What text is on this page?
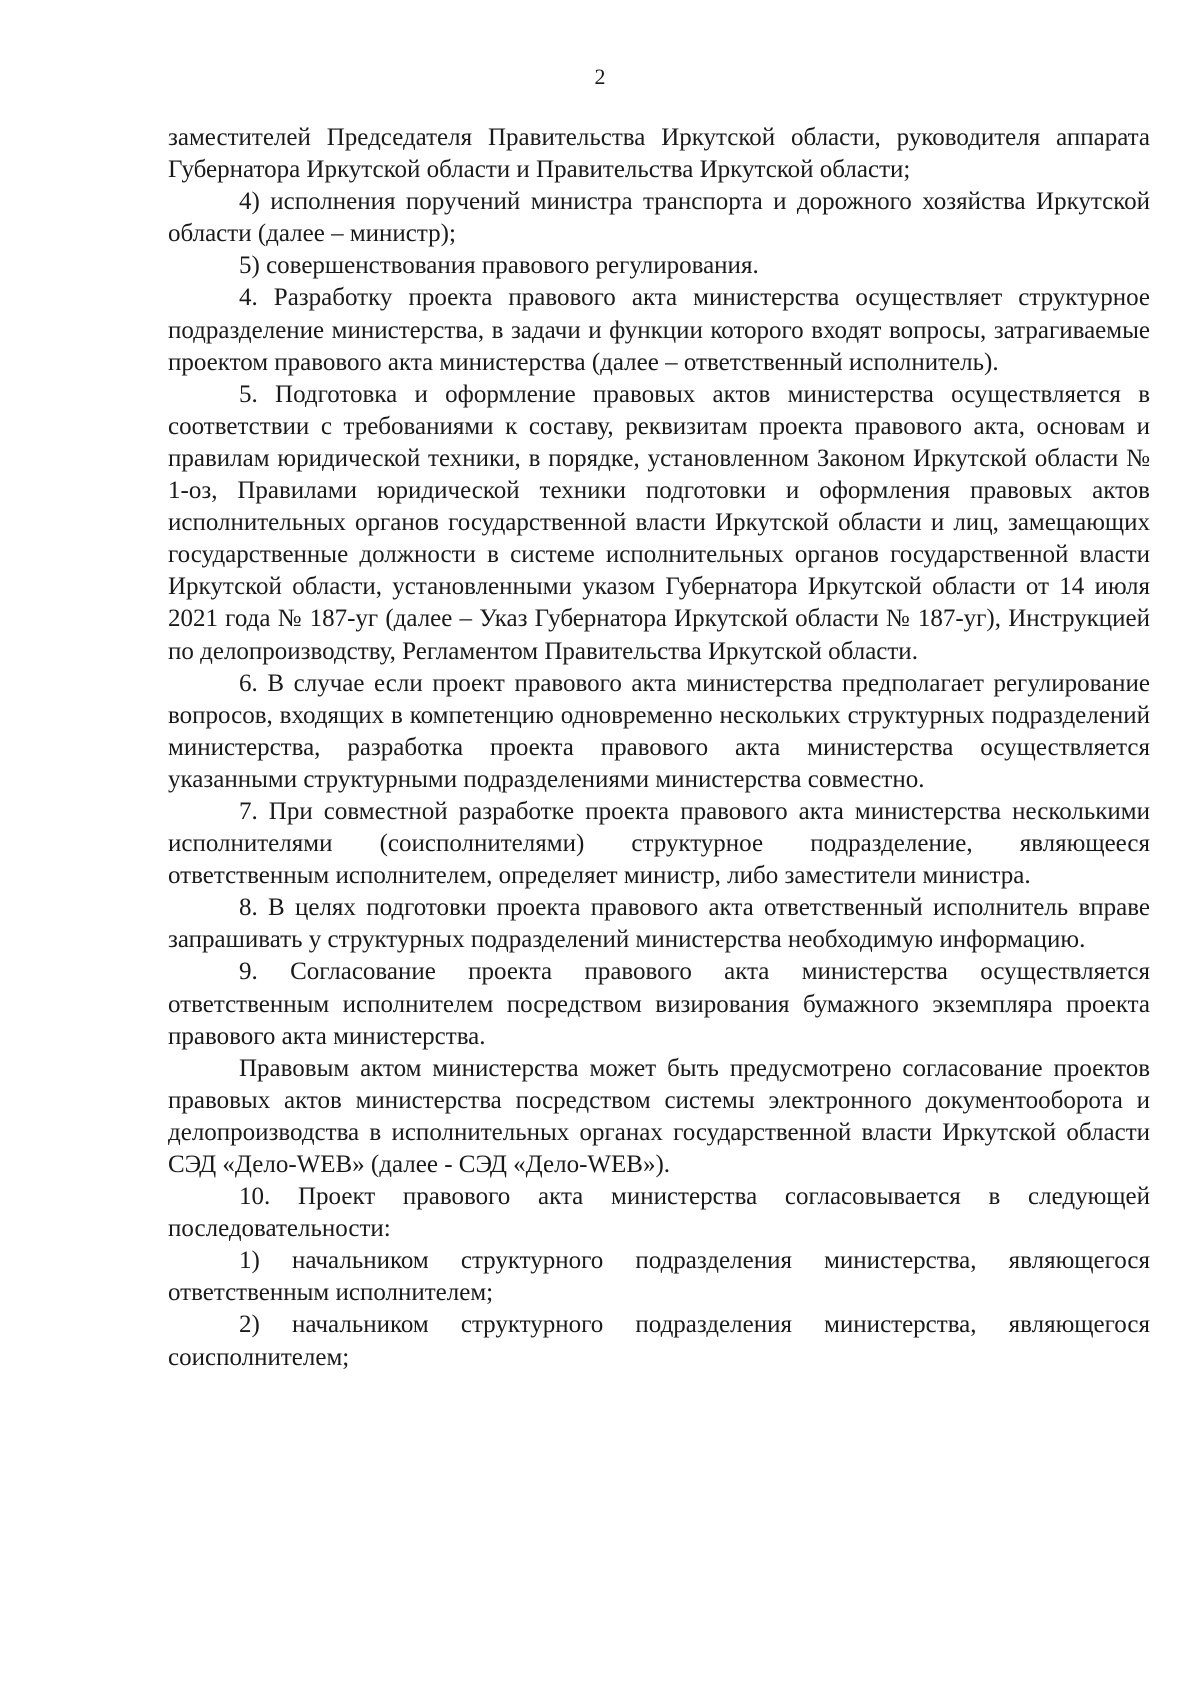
2

заместителей Председателя Правительства Иркутской области, руководителя аппарата Губернатора Иркутской области и Правительства Иркутской области;

4) исполнения поручений министра транспорта и дорожного хозяйства Иркутской области (далее – министр);

5) совершенствования правового регулирования.

4. Разработку проекта правового акта министерства осуществляет структурное подразделение министерства, в задачи и функции которого входят вопросы, затрагиваемые проектом правового акта министерства (далее – ответственный исполнитель).

5. Подготовка и оформление правовых актов министерства осуществляется в соответствии с требованиями к составу, реквизитам проекта правового акта, основам и правилам юридической техники, в порядке, установленном Законом Иркутской области № 1-оз, Правилами юридической техники подготовки и оформления правовых актов исполнительных органов государственной власти Иркутской области и лиц, замещающих государственные должности в системе исполнительных органов государственной власти Иркутской области, установленными указом Губернатора Иркутской области от 14 июля 2021 года № 187-уг (далее – Указ Губернатора Иркутской области № 187-уг), Инструкцией по делопроизводству, Регламентом Правительства Иркутской области.

6. В случае если проект правового акта министерства предполагает регулирование вопросов, входящих в компетенцию одновременно нескольких структурных подразделений министерства, разработка проекта правового акта министерства осуществляется указанными структурными подразделениями министерства совместно.

7. При совместной разработке проекта правового акта министерства несколькими исполнителями (соисполнителями) структурное подразделение, являющееся ответственным исполнителем, определяет министр, либо заместители министра.

8. В целях подготовки проекта правового акта ответственный исполнитель вправе запрашивать у структурных подразделений министерства необходимую информацию.

9. Согласование проекта правового акта министерства осуществляется ответственным исполнителем посредством визирования бумажного экземпляра проекта правового акта министерства.

Правовым актом министерства может быть предусмотрено согласование проектов правовых актов министерства посредством системы электронного документооборота и делопроизводства в исполнительных органах государственной власти Иркутской области СЭД «Дело-WEB» (далее - СЭД «Дело-WEB»).

10. Проект правового акта министерства согласовывается в следующей последовательности:

1) начальником структурного подразделения министерства, являющегося ответственным исполнителем;

2) начальником структурного подразделения министерства, являющегося соисполнителем;
